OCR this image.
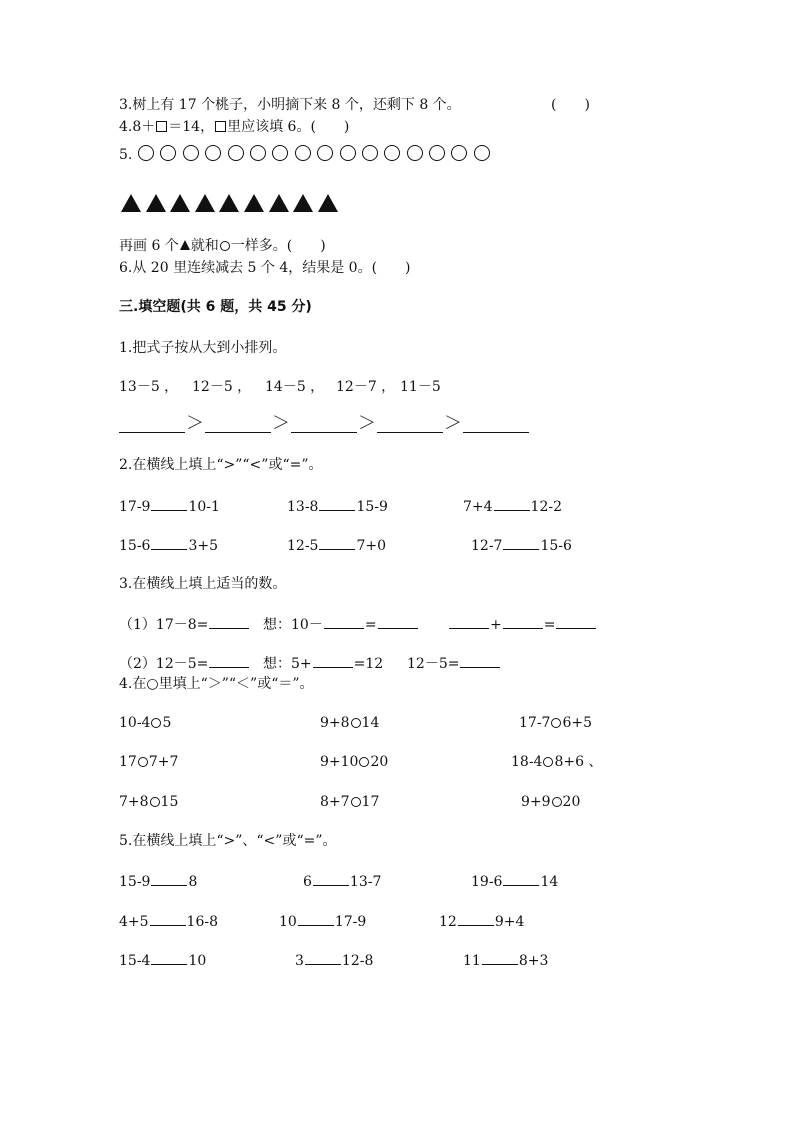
3.树上有 17 个桃子，小明摘下来 8 个，还剩下 8 个。	(　　)
4.8＋ ＝14， 里应该填 6。(　　)
5.
再画 6 个 就和 一样多。(　　)
6.从 20 里连续减去 5 个 4，结果是 0。(　　)
三.填空题(共 6 题，共 45 分)
1.把式子按从大到小排列。
13－5 ， 12－5 ， 14－5 ， 12－7 ， 11－5
＞	＞	＞	＞
2.在横线上填上“>”“<”或“=”。
17-9	10-1	13-8	15-9	7+4	12-2
15-6	3+5	12-5	7+0	12-7	15-6
3.在横线上填上适当的数。
（1）17－8=	想：10－	=	+	=
（2）12－5=	想：5+	=12 12－5=
4.在○里填上“＞”“＜”或“＝”。
10-4 5	9+8 14	17-7 6+5
17 7+7	9+10 20	18-4 8+6 、
7+8 15	8+7 17	9+9 20
5.在横线上填上“>”、“<”或“=”。
15-9	8	6	13-7	19-6	14
4+5	16-8	10	17-9	12	9+4
15-4	10	3	12-8	11	8+3
